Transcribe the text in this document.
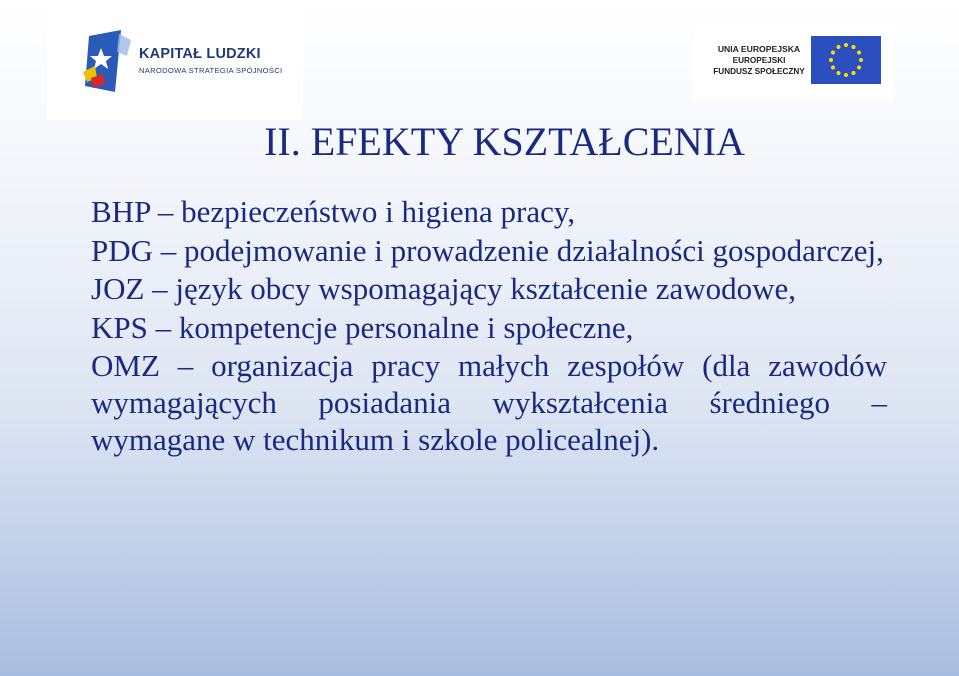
KAPITAŁ LUDZKI
NARODOWA STRATEGIA SPÓJNOŚCI
UNIA EUROPEJSKA
EUROPEJSKI
FUNDUSZ SPOŁECZNY
II. EFEKTY KSZTAŁCENIA

BHP – bezpieczeństwo i higiena pracy,

PDG – podejmowanie i prowadzenie działalności gospodarczej,

JOZ – język obcy wspomagający kształcenie zawodowe,

KPS – kompetencje personalne i społeczne,

OMZ – organizacja pracy małych zespołów (dla zawodów wymagających posiadania wykształcenia średniego – wymagane w technikum i szkole policealnej).
